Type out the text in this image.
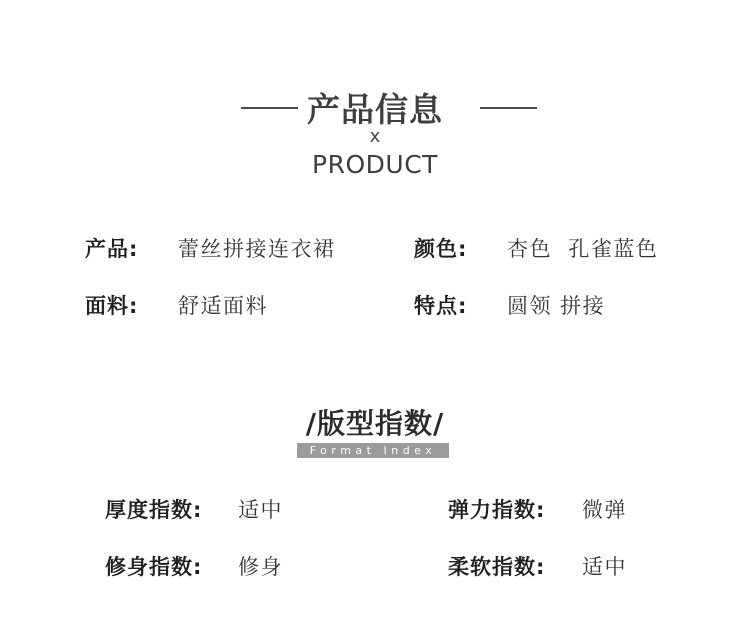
产品信息
x
PRODUCT
产品: 蕾丝拼接连衣裙	颜色: 杏色  孔雀蓝色
面料: 舒适面料	特点: 圆领 拼接
/版型指数/
Format Index
厚度指数: 适中	弹力指数: 微弹
修身指数: 修身	柔软指数: 适中
